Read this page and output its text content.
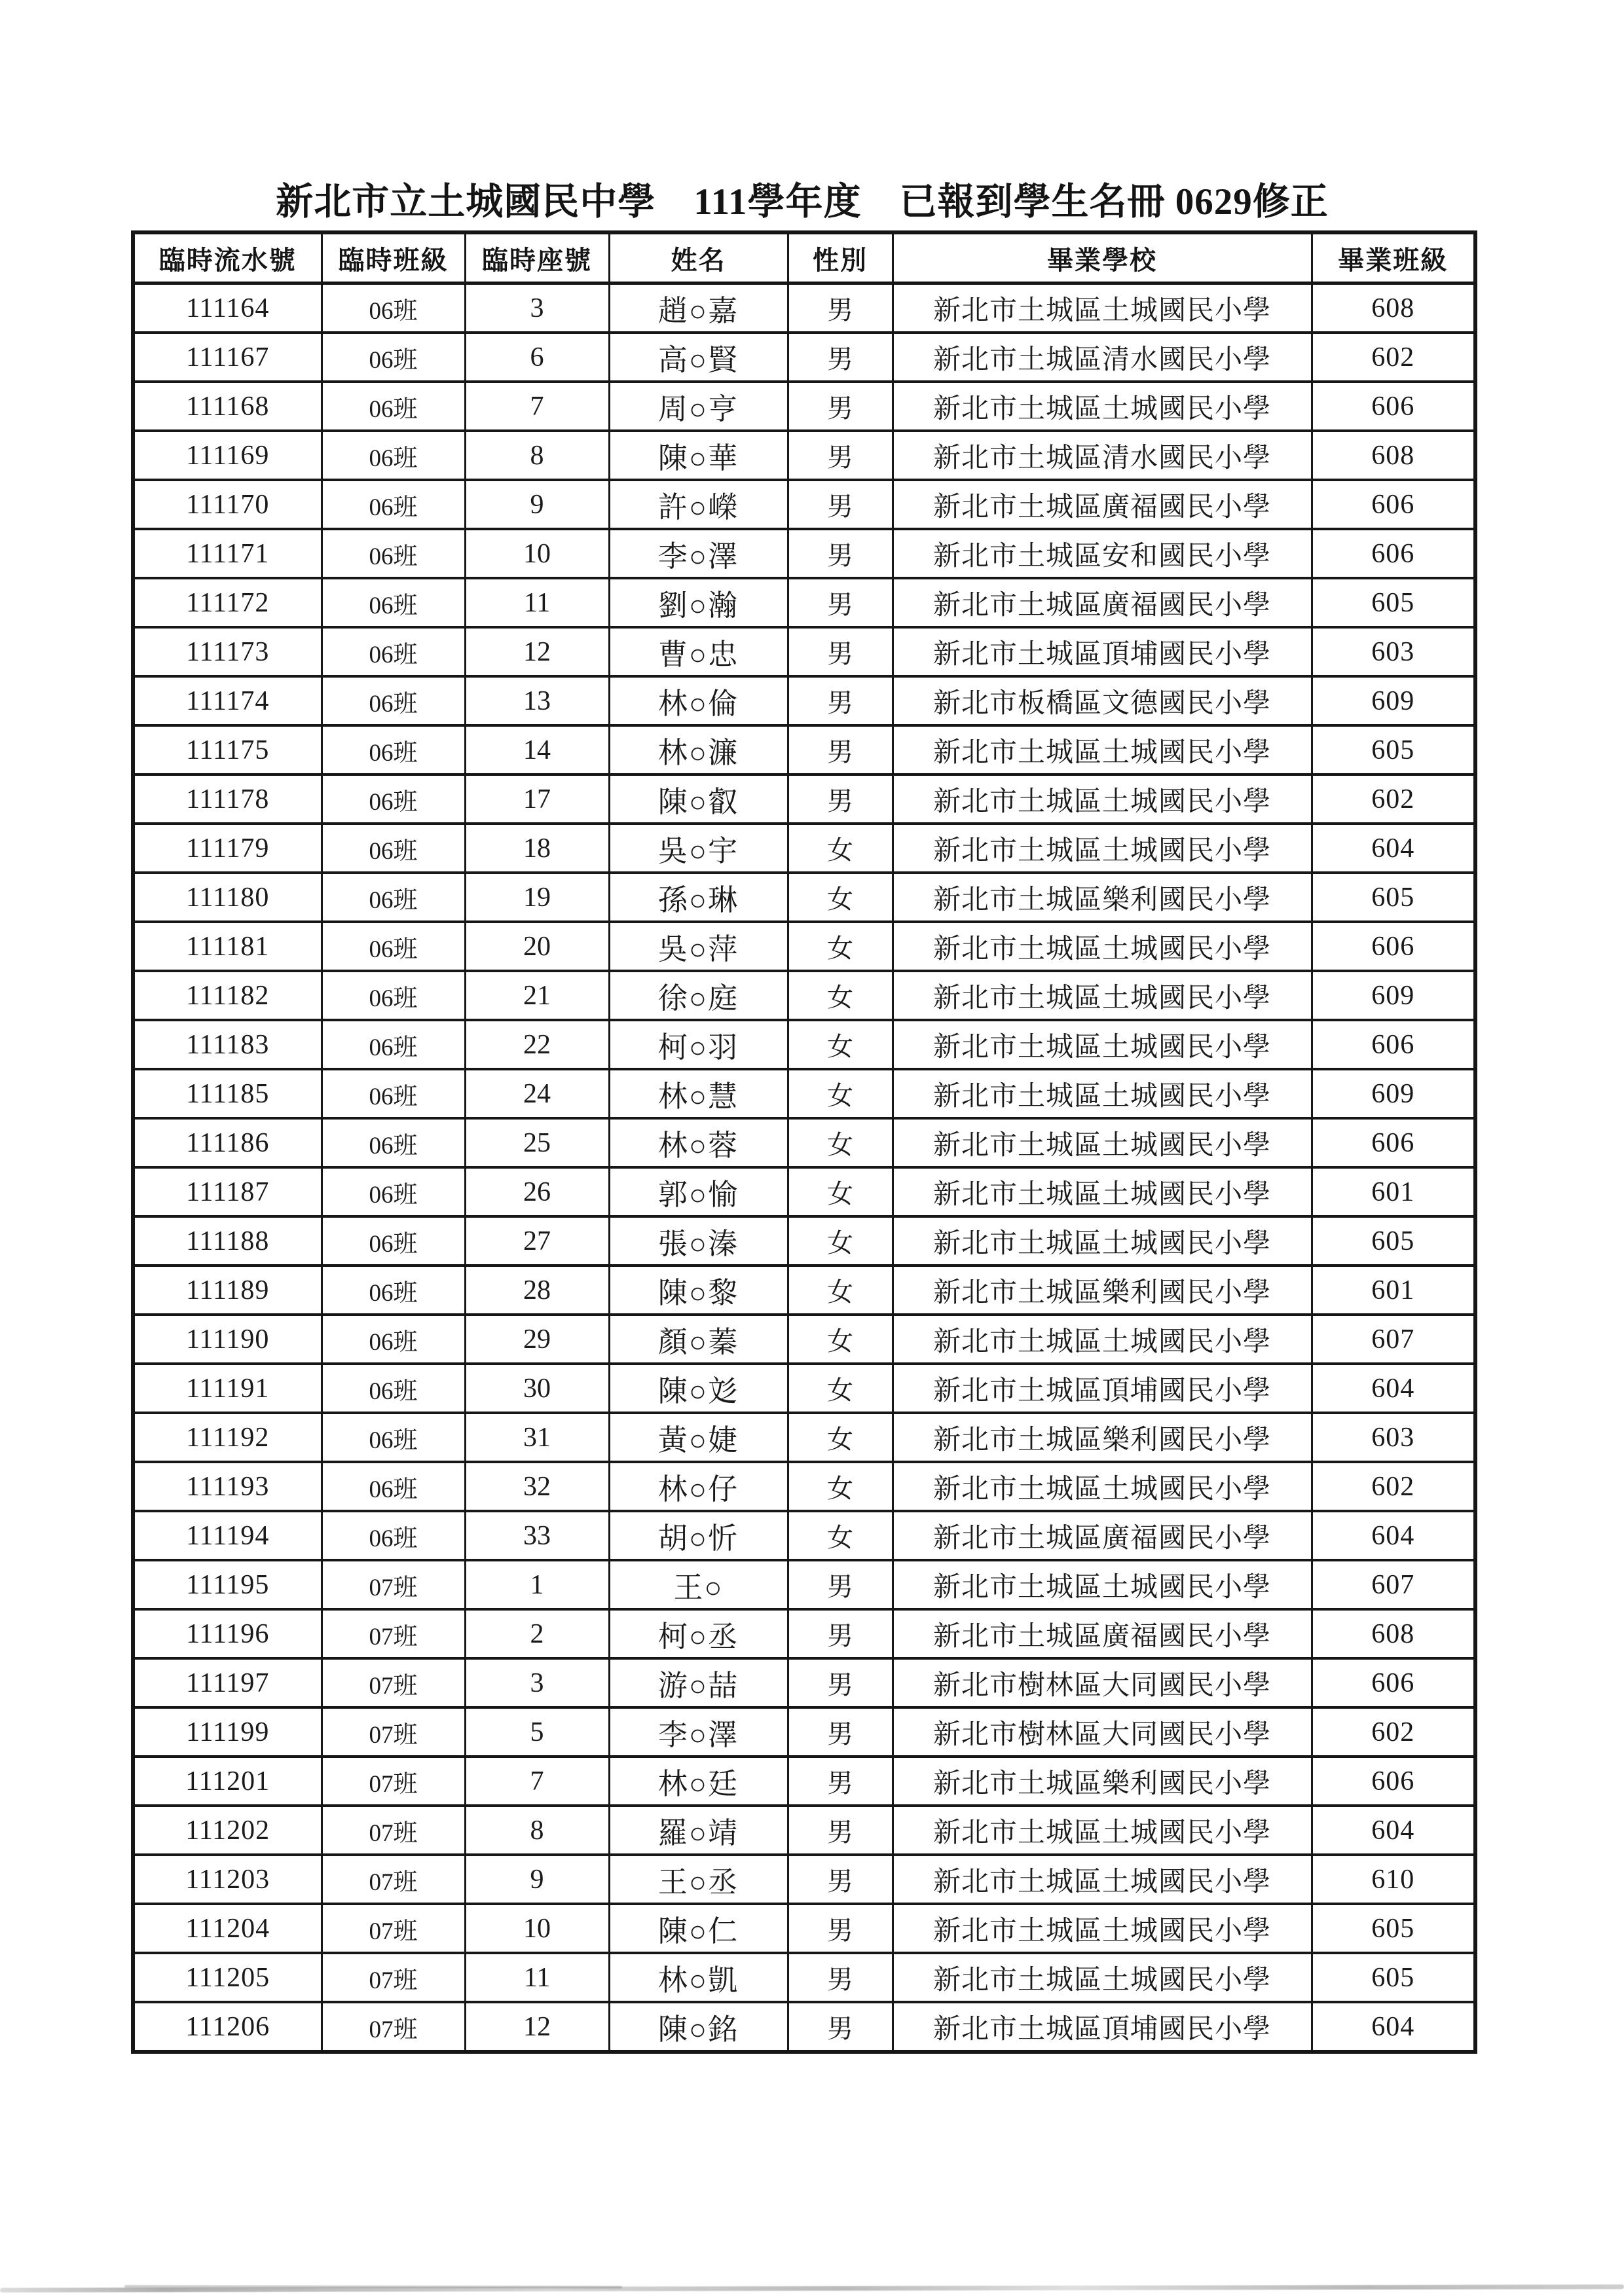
新北市立土城國民中學　111學年度　已報到學生名冊 0629修正
臨時流水號	臨時班級	臨時座號	姓名	性別	畢業學校	畢業班級
111164	06班	3	趙○嘉	男	新北市土城區土城國民小學	608
111167	06班	6	高○賢	男	新北市土城區清水國民小學	602
111168	06班	7	周○亨	男	新北市土城區土城國民小學	606
111169	06班	8	陳○華	男	新北市土城區清水國民小學	608
111170	06班	9	許○嶸	男	新北市土城區廣福國民小學	606
111171	06班	10	李○澤	男	新北市土城區安和國民小學	606
111172	06班	11	劉○瀚	男	新北市土城區廣福國民小學	605
111173	06班	12	曹○忠	男	新北市土城區頂埔國民小學	603
111174	06班	13	林○倫	男	新北市板橋區文德國民小學	609
111175	06班	14	林○濂	男	新北市土城區土城國民小學	605
111178	06班	17	陳○叡	男	新北市土城區土城國民小學	602
111179	06班	18	吳○宇	女	新北市土城區土城國民小學	604
111180	06班	19	孫○琳	女	新北市土城區樂利國民小學	605
111181	06班	20	吳○萍	女	新北市土城區土城國民小學	606
111182	06班	21	徐○庭	女	新北市土城區土城國民小學	609
111183	06班	22	柯○羽	女	新北市土城區土城國民小學	606
111185	06班	24	林○慧	女	新北市土城區土城國民小學	609
111186	06班	25	林○蓉	女	新北市土城區土城國民小學	606
111187	06班	26	郭○愉	女	新北市土城區土城國民小學	601
111188	06班	27	張○溱	女	新北市土城區土城國民小學	605
111189	06班	28	陳○黎	女	新北市土城區樂利國民小學	601
111190	06班	29	顏○蓁	女	新北市土城區土城國民小學	607
111191	06班	30	陳○彣	女	新北市土城區頂埔國民小學	604
111192	06班	31	黃○婕	女	新北市土城區樂利國民小學	603
111193	06班	32	林○仔	女	新北市土城區土城國民小學	602
111194	06班	33	胡○忻	女	新北市土城區廣福國民小學	604
111195	07班	1	王○	男	新北市土城區土城國民小學	607
111196	07班	2	柯○丞	男	新北市土城區廣福國民小學	608
111197	07班	3	游○喆	男	新北市樹林區大同國民小學	606
111199	07班	5	李○澤	男	新北市樹林區大同國民小學	602
111201	07班	7	林○廷	男	新北市土城區樂利國民小學	606
111202	07班	8	羅○靖	男	新北市土城區土城國民小學	604
111203	07班	9	王○丞	男	新北市土城區土城國民小學	610
111204	07班	10	陳○仁	男	新北市土城區土城國民小學	605
111205	07班	11	林○凱	男	新北市土城區土城國民小學	605
111206	07班	12	陳○銘	男	新北市土城區頂埔國民小學	604
